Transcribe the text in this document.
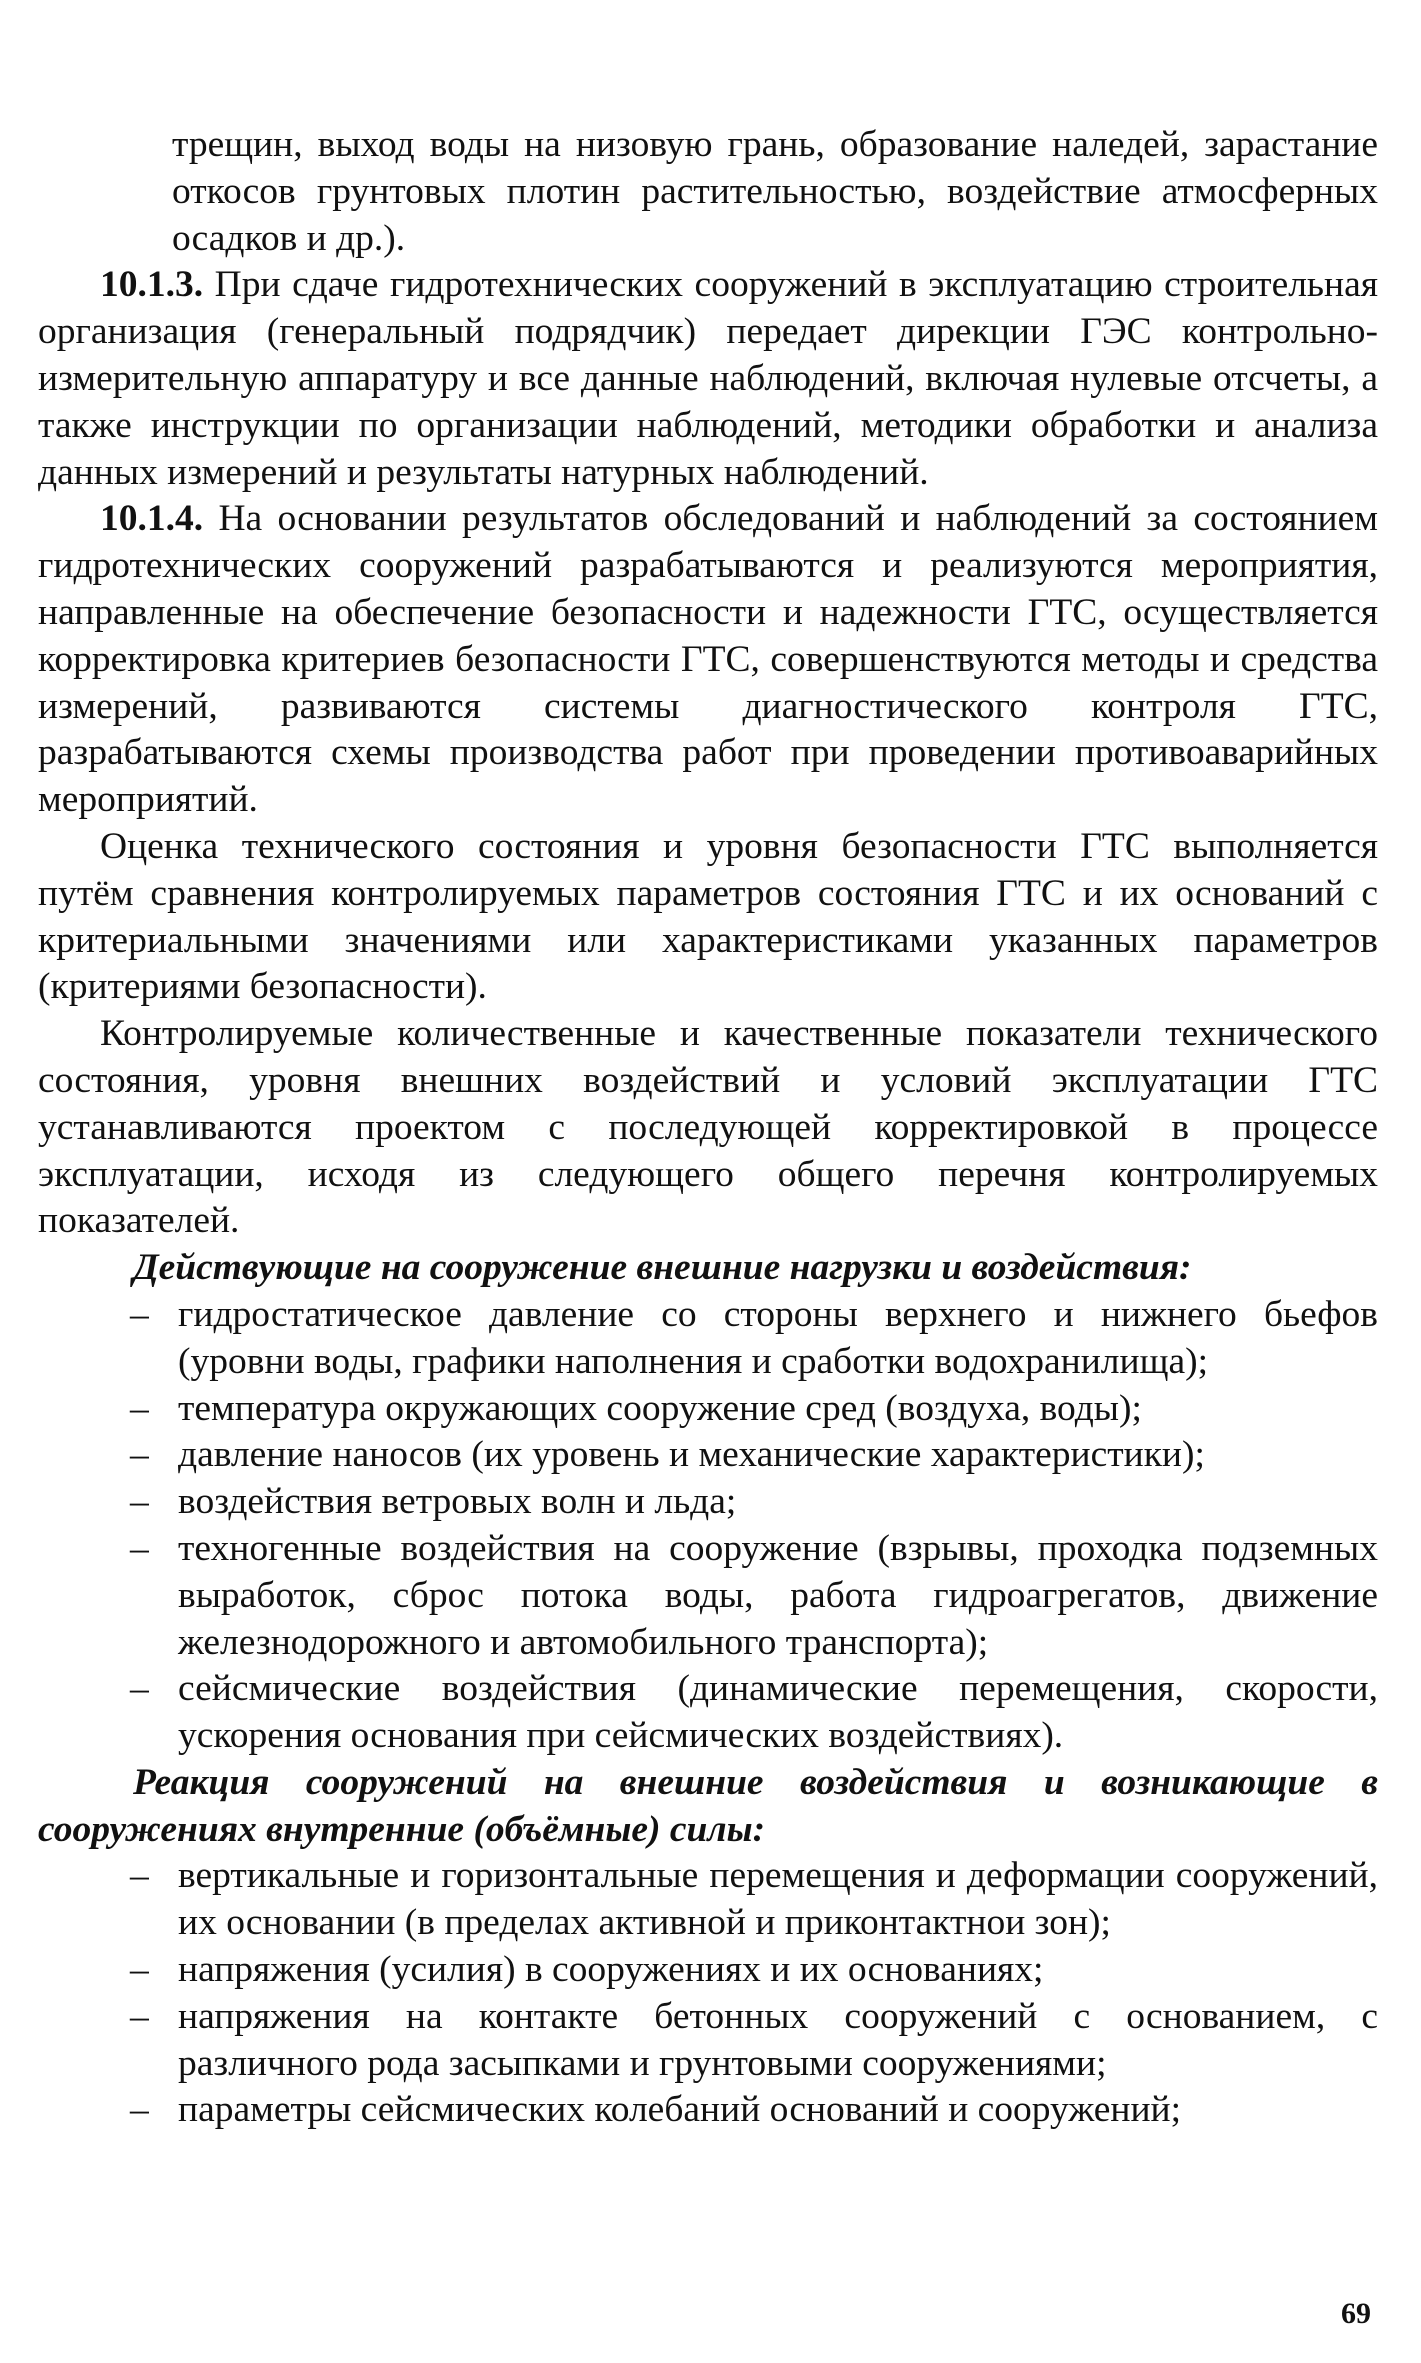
трещин, выход воды на низовую грань, образование наледей, зарастание откосов грунтовых плотин растительностью, воздействие атмосферных осадков и др.).

10.1.3. При сдаче гидротехнических сооружений в эксплуатацию строительная организация (генеральный подрядчик) передает дирекции ГЭС контрольно-измерительную аппаратуру и все данные наблюдений, включая нулевые отсчеты, а также инструкции по организации наблюдений, методики обработки и анализа данных измерений и результаты натурных наблюдений.

10.1.4. На основании результатов обследований и наблюдений за состоянием гидротехнических сооружений разрабатываются и реализуются мероприятия, направленные на обеспечение безопасности и надежности ГТС, осуществляется корректировка критериев безопасности ГТС, совершенствуются методы и средства измерений, развиваются системы диагностического контроля ГТС, разрабатываются схемы производства работ при проведении противоаварийных мероприятий.

Оценка технического состояния и уровня безопасности ГТС выполняется путём сравнения контролируемых параметров состояния ГТС и их оснований с критериальными значениями или характеристиками указанных параметров (критериями безопасности).

Контролируемые количественные и качественные показатели технического состояния, уровня внешних воздействий и условий эксплуатации ГТС устанавливаются проектом с последующей корректировкой в процессе эксплуатации, исходя из следующего общего перечня контролируемых показателей.

Действующие на сооружение внешние нагрузки и воздействия:

– гидростатическое давление со стороны верхнего и нижнего бьефов (уровни воды, графики наполнения и сработки водохранилища);
– температура окружающих сооружение сред (воздуха, воды);
– давление наносов (их уровень и механические характеристики);
– воздействия ветровых волн и льда;
– техногенные воздействия на сооружение (взрывы, проходка подземных выработок, сброс потока воды, работа гидроагрегатов, движение железнодорожного и автомобильного транспорта);
– сейсмические воздействия (динамические перемещения, скорости, ускорения основания при сейсмических воздействиях).

Реакция сооружений на внешние воздействия и возникающие в сооружениях внутренние (объёмные) силы:

– вертикальные и горизонтальные перемещения и деформации сооружений, их основании (в пределах активной и приконтактнои зон);
– напряжения (усилия) в сооружениях и их основаниях;
– напряжения на контакте бетонных сооружений с основанием, с различного рода засыпками и грунтовыми сооружениями;
– параметры сейсмических колебаний оснований и сооружений;
69
